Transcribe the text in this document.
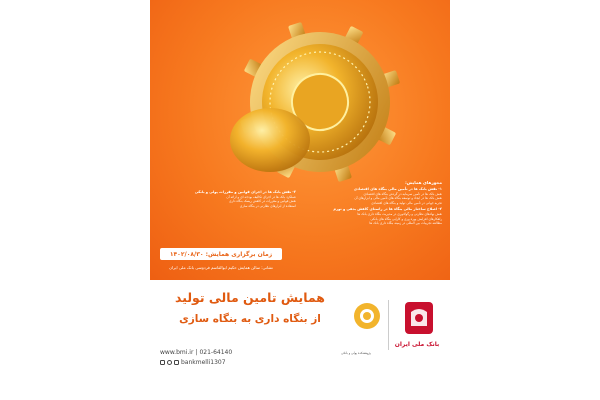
محورهای همایش:
۱- نقش بانک ها در تأمین مالی بنگاه های اقتصادی
نقش بانک ها در تأمین سرمایه در گردش بنگاه های اقتصادی
نقش بانک ها در ایجاد و توسعه بنگاه های تأمین مالی و ابزارهای آن
تجربه جهانی در تأمین مالی تولید و بنگاه های اقتصادی
۲- اصلاح ساختار مالی بنگاه ها در راستای کاهش بدهی و تورم
نقش نهادهای نظارتی و رگولاتوری در مدیریت بنگاه داری بانک ها
راهکارهای افزایش بهره وری و کارایی بنگاه های بانکی
مطالعه تجربیات بین المللی در زمینه بنگاه داری بانک ها
۳- نقش بانک ها در اجرای قوانین و مقررات پولی و بانکی
عملکرد بانک ها در اجرای تکالیف بودجه ای و ارائه آن
نقش قوانین و مقررات در کاهش ریسک بنگاه داری
استفاده از ابزارهای نظارتی در بنگاه سازی
زمان برگزاری همایش: ۱۴۰۲/۰۸/۳۰
نشانی: سالن همایش حکیم ابوالقاسم فردوسی بانک ملی ایران
همایش تامین مالی تولید
از بنگاه داری به بنگاه سازی
www.bmi.ir | 021-64140
bankmelli1307
پژوهشکده پولی و بانکی
بانک ملی ایران
